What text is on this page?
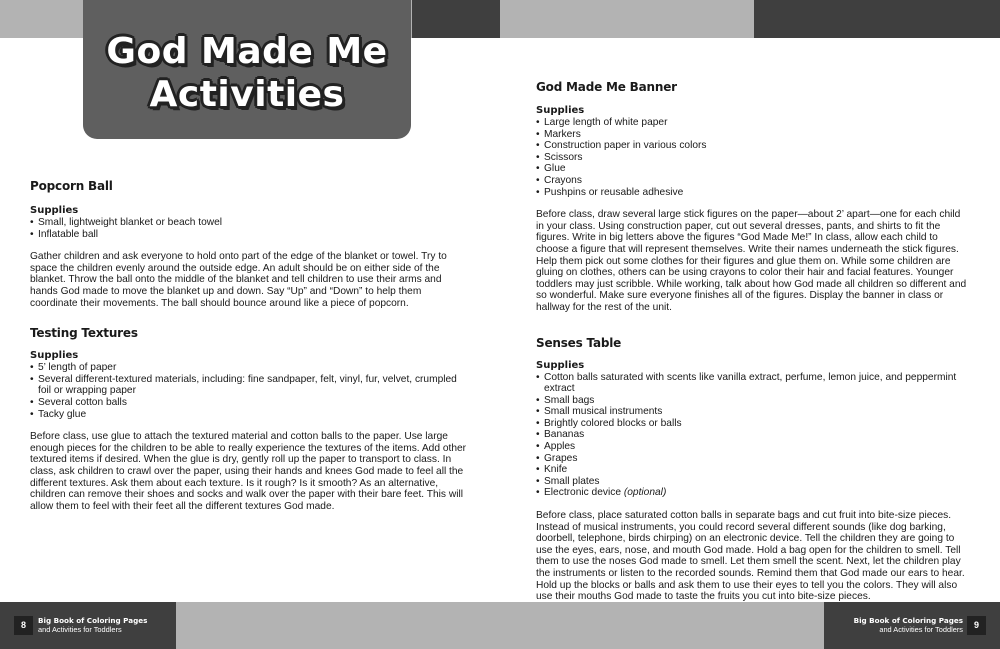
God Made Me
Activities
Popcorn Ball
Supplies
• Small, lightweight blanket or beach towel
• Inflatable ball

Gather children and ask everyone to hold onto part of the edge of the blanket or towel. Try to space the children evenly around the outside edge. An adult should be on either side of the blanket. Throw the ball onto the middle of the blanket and tell children to use their arms and hands God made to move the blanket up and down. Say “Up” and “Down” to help them coordinate their movements. The ball should bounce around like a piece of popcorn.

Testing Textures
Supplies
• 5’ length of paper
• Several different-textured materials, including: fine sandpaper, felt, vinyl, fur, velvet, crumpled foil or wrapping paper
• Several cotton balls
• Tacky glue

Before class, use glue to attach the textured material and cotton balls to the paper. Use large enough pieces for the children to be able to really experience the textures of the items. Add other textured items if desired. When the glue is dry, gently roll up the paper to transport to class. In class, ask children to crawl over the paper, using their hands and knees God made to feel all the different textures. Ask them about each texture. Is it rough? Is it smooth? As an alternative, children can remove their shoes and socks and walk over the paper with their bare feet. This will allow them to feel with their feet all the different textures God made.

God Made Me Banner
Supplies
• Large length of white paper
• Markers
• Construction paper in various colors
• Scissors
• Glue
• Crayons
• Pushpins or reusable adhesive

Before class, draw several large stick figures on the paper—about 2’ apart—one for each child in your class. Using construction paper, cut out several dresses, pants, and shirts to fit the figures. Write in big letters above the figures “God Made Me!” In class, allow each child to choose a figure that will represent themselves. Write their names underneath the stick figures. Help them pick out some clothes for their figures and glue them on. While some children are gluing on clothes, others can be using crayons to color their hair and facial features. Younger toddlers may just scribble. While working, talk about how God made all children so different and so wonderful. Make sure everyone finishes all of the figures. Display the banner in class or hallway for the rest of the unit.

Senses Table
Supplies
• Cotton balls saturated with scents like vanilla extract, perfume, lemon juice, and peppermint extract
• Small bags
• Small musical instruments
• Brightly colored blocks or balls
• Bananas
• Apples
• Grapes
• Knife
• Small plates
• Electronic device (optional)

Before class, place saturated cotton balls in separate bags and cut fruit into bite-size pieces. Instead of musical instruments, you could record several different sounds (like dog barking, doorbell, telephone, birds chirping) on an electronic device. Tell the children they are going to use the eyes, ears, nose, and mouth God made. Hold a bag open for the children to smell. Tell them to use the noses God made to smell. Let them smell the scent. Next, let the children play the instruments or listen to the recorded sounds. Remind them that God made our ears to hear. Hold up the blocks or balls and ask them to use their eyes to tell you the colors. They will also use their mouths God made to taste the fruits you cut into bite-size pieces.

8	Big Book of Coloring Pages
and Activities for Toddlers
Big Book of Coloring Pages
and Activities for Toddlers	9
